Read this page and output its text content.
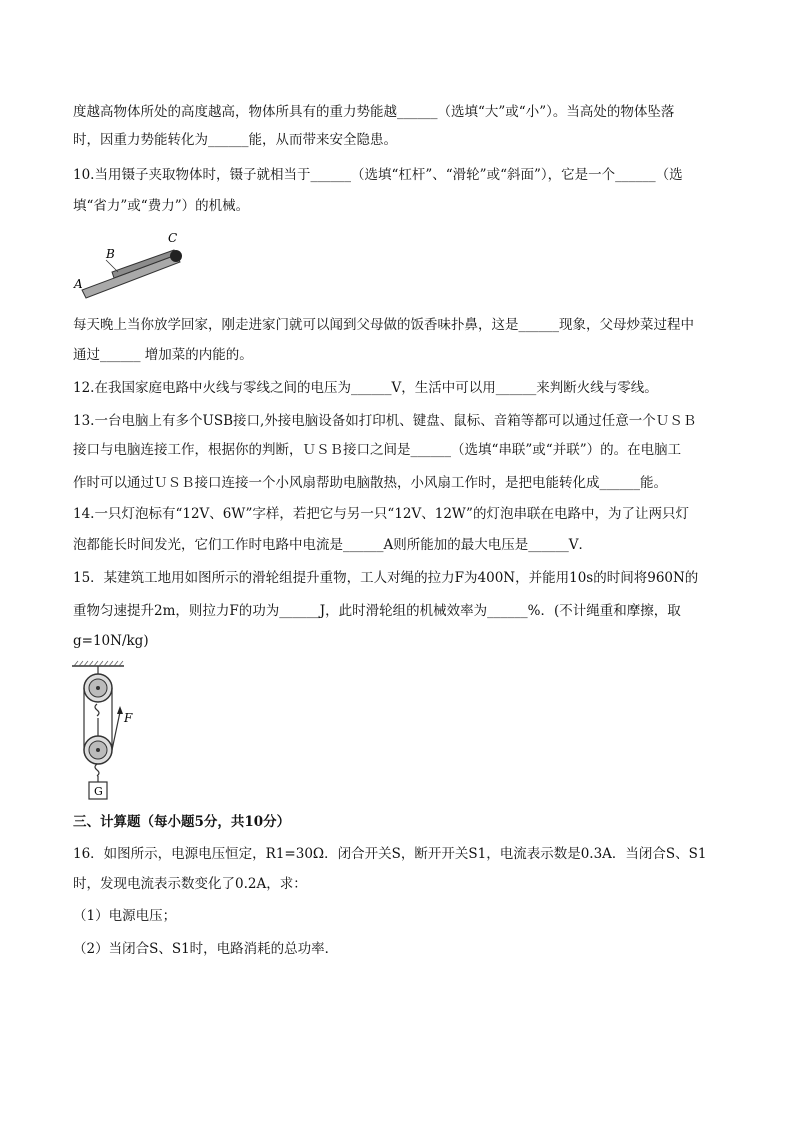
度越高物体所处的高度越高，物体所具有的重力势能越______（选填“大”或“小”）。当高处的物体坠落
时，因重力势能转化为______能，从而带来安全隐患。
10.当用镊子夹取物体时，镊子就相当于______（选填“杠杆”、“滑轮”或“斜面”），它是一个______（选
填“省力”或“费力”）的机械。
A
B
C
每天晚上当你放学回家，刚走进家门就可以闻到父母做的饭香味扑鼻，这是______现象，父母炒菜过程中
通过______ 增加菜的内能的。
12.在我国家庭电路中火线与零线之间的电压为______V，生活中可以用______来判断火线与零线。
13.一台电脑上有多个USB接口,外接电脑设备如打印机、键盘、鼠标、音箱等都可以通过任意一个ＵＳＢ
接口与电脑连接工作，根据你的判断，ＵＳＢ接口之间是______（选填“串联”或“并联”）的。在电脑工
作时可以通过ＵＳＢ接口连接一个小风扇帮助电脑散热，小风扇工作时，是把电能转化成______能。
14.一只灯泡标有“12V、6W”字样，若把它与另一只“12V、12W”的灯泡串联在电路中，为了让两只灯
泡都能长时间发光，它们工作时电路中电流是______A则所能加的最大电压是______V．
15．某建筑工地用如图所示的滑轮组提升重物，工人对绳的拉力F为400N，并能用10s的时间将960N的
重物匀速提升2m，则拉力F的功为______J，此时滑轮组的机械效率为______%．(不计绳重和摩擦，取
g=10N/kg)
F
G
三、计算题（每小题5分，共10分）
16．如图所示，电源电压恒定，R1=30Ω．闭合开关S，断开开关S1，电流表示数是0.3A．当闭合S、S1
时，发现电流表示数变化了0.2A，求：
（1）电源电压；
（2）当闭合S、S1时，电路消耗的总功率．
